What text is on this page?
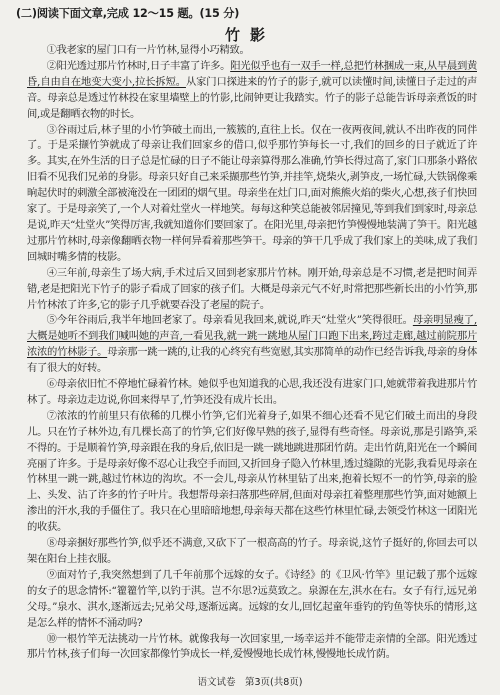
(二)阅读下面文章,完成 12～15 题。(15 分)
竹影

①我老家的屋门口有一片竹林,显得小巧精致。

②阳光透过那片竹林时,日子丰富了许多。阳光似乎也有一双手一样,总把竹林捆成一束,从早晨到黄昏,自由自在地变大变小,拉长拆短。从家门口探进来的竹子的影子,就可以读懂时间,读懂日子走过的声音。母亲总是透过竹林投在家里墙壁上的竹影,比闹钟更让我踏实。竹子的影子总能告诉母亲煮饭的时间,或是翻晒衣物的时长。

③谷雨过后,林子里的小竹笋破土而出,一簇簇的,直往上长。仅在一夜两夜间,就认不出昨夜的同伴了。于是采撷竹笋就成了母亲让我们回家乡的借口,似乎那竹笋每长一寸,我们的回乡的日子就近了许多。其实,在外生活的日子总是忙碌的日子不能让母亲算得那么准确,竹笋长得过高了,家门口那条小路依旧看不见我们兄弟的身影。母亲只好自己来采撷那些竹笋,并挂竿,烧柴火,剥笋皮,一场忙碌,大铁锅像乘晌起伏时的刺激全部被淹没在一团团的烟气里。母亲坐在灶门口,面对熊熊火焰的柴火,心想,孩子们快回家了。于是母亲笑了,一个人对着灶堂火一样地笑。每每这种笑总能被邻居撞见,等到我们到家时,母亲总是说,昨天“灶堂火”笑得厉害,我就知道你们要回家了。在阳光里,母亲把竹笋慢慢地装满了笋干。阳光越过那片竹林时,母亲像翻晒衣物一样何异看着那些笋干。母亲的笋干几乎成了我们家上的美味,成了我们回城时嘴多情的枝影。

④三年前,母亲生了场大病,手术过后又回到老家那片竹林。刚开始,母亲总是不习惯,老是把时间弄错,老是把阳光下竹子的影子看成了回家的孩子们。大概是母亲元气不好,时常把那些新长出的小竹笋,那片竹林浓了许多,它的影子几乎就要吞没了老屋的院子。

⑤今年谷雨后,我半年地回老家了。母亲看见我回来,就说,昨天“灶堂火”笑得很旺。母亲明显瘦了,大概是她听不到我们喊叫她的声音,一看见我,就一跳一跳地从屋门口跑下出来,跨过走廊,越过前院那片浓浓的竹林影子。母亲那一跳一跳的,让我的心终究有些宽慰,其实那简单的动作已经告诉我,母亲的身体有了很大的好转。

⑥母亲依旧忙不停地忙碌着竹林。她似乎也知道我的心思,我还没有进家门口,她就带着我进那片竹林了。母亲边走边说,你回来得早了,竹笋还没有成片长出。

⑦浓浓的竹前里只有依稀的几棵小竹笋,它们光着身子,如果不细心还看不见它们破土而出的身段儿。只在竹子林外边,有几棵长高了的竹笋,它们好像早熟的孩子,显得有些奇怪。母亲说,那是引路笋,采不得的。于是顺着竹笋,母亲跟在我的身后,依旧是一跳一跳地跳进那团竹荫。走出竹荫,阳光在一个瞬间亮丽了许多。于是母亲好像不忍心让我空手而回,又折回身子隐入竹林里,透过缝隙的光影,我看见母亲在竹林里一跳一跳,越过竹林边的沟坎。不一会儿,母亲从竹林里钻了出来,抱着长短不一的竹笋,母亲的脸上、头发、沾了许多的竹子叶片。我想帮母亲扫落那些碎屑,但面对母亲扛着整理那些竹笋,面对她额上渗出的汗水,我的手僵住了。我只在心里暗暗地想,母亲每天都在这些竹林里忙碌,去领受竹林这一团阳光的收获。

⑧母亲捆好那些竹笋,似乎还不满意,又砍下了一根高高的竹子。母亲说,这竹子挺好的,你回去可以架在阳台上挂衣服。

⑨面对竹子,我突然想到了几千年前那个远嫁的女子。《诗经》的《卫风·竹竿》里记载了那个远嫁的女子的思念情怀:“籊籊竹竿,以钓于淇。岂不尔思?远莫致之。泉源在左,淇水在右。女子有行,远兄弟父母。”泉水、淇水,逐渐远去;兄弟父母,逐渐远离。远嫁的女儿,回忆起童年垂钓的钓鱼等快乐的情形,这是怎么样的情怀不涌动吗?

⑩一根竹竿无法挑动一片竹林。就像我每一次回家里,一场幸运并不能带走亲情的全部。阳光透过那片竹林,孩子们每一次回家都像竹笋成长一样,爱慢慢地长成竹林,慢慢地长成竹荫。

语文试卷　第3页(共8页)
